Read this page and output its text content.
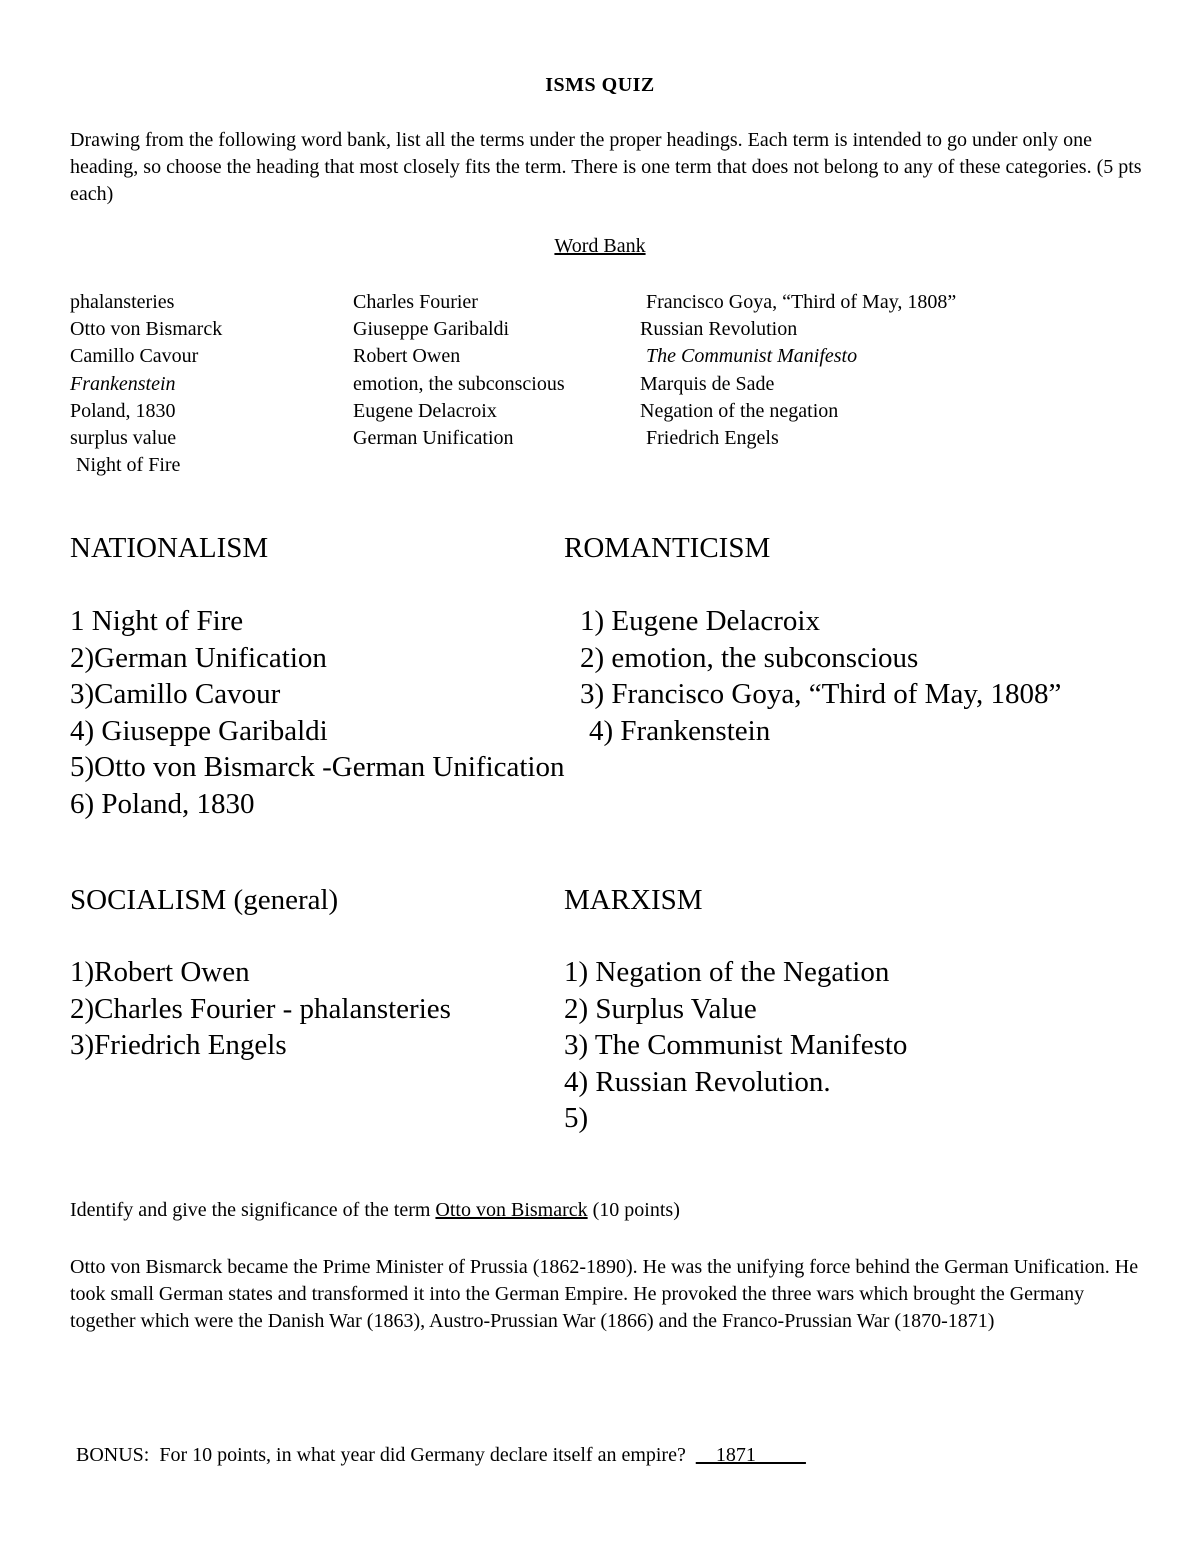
ISMS QUIZ
Drawing from the following word bank, list all the terms under the proper headings. Each term is intended to go under only one heading, so choose the heading that most closely fits the term. There is one term that does not belong to any of these categories. (5 pts each)
Word Bank
phalansteries
Otto von Bismarck
Camillo Cavour
Frankenstein
Poland, 1830
surplus value
Night of Fire
Charles Fourier
Giuseppe Garibaldi
Robert Owen
emotion, the subconscious
Eugene Delacroix
German Unification
Francisco Goya, “Third of May, 1808”
Russian Revolution
The Communist Manifesto
Marquis de Sade
Negation of the negation
Friedrich Engels
NATIONALISM
1 Night of Fire
2)German Unification
3)Camillo Cavour
4) Giuseppe Garibaldi
5)Otto von Bismarck -German Unification
6) Poland, 1830
ROMANTICISM
1) Eugene Delacroix
2) emotion, the subconscious
3) Francisco Goya, “Third of May, 1808”
4) Frankenstein
SOCIALISM (general)
1)Robert Owen
2)Charles Fourier - phalansteries
3)Friedrich Engels
MARXISM
1) Negation of the Negation
2) Surplus Value
3) The Communist Manifesto
4) Russian Revolution.
5)
Identify and give the significance of the term Otto von Bismarck (10 points)
Otto von Bismarck became the Prime Minister of Prussia (1862-1890). He was the unifying force behind the German Unification. He took small German states and transformed it into the German Empire. He provoked the three wars which brought the Germany together which were the Danish War (1863), Austro-Prussian War (1866) and the Franco-Prussian War (1870-1871)
BONUS:  For 10 points, in what year did Germany declare itself an empire?  __1871_____
